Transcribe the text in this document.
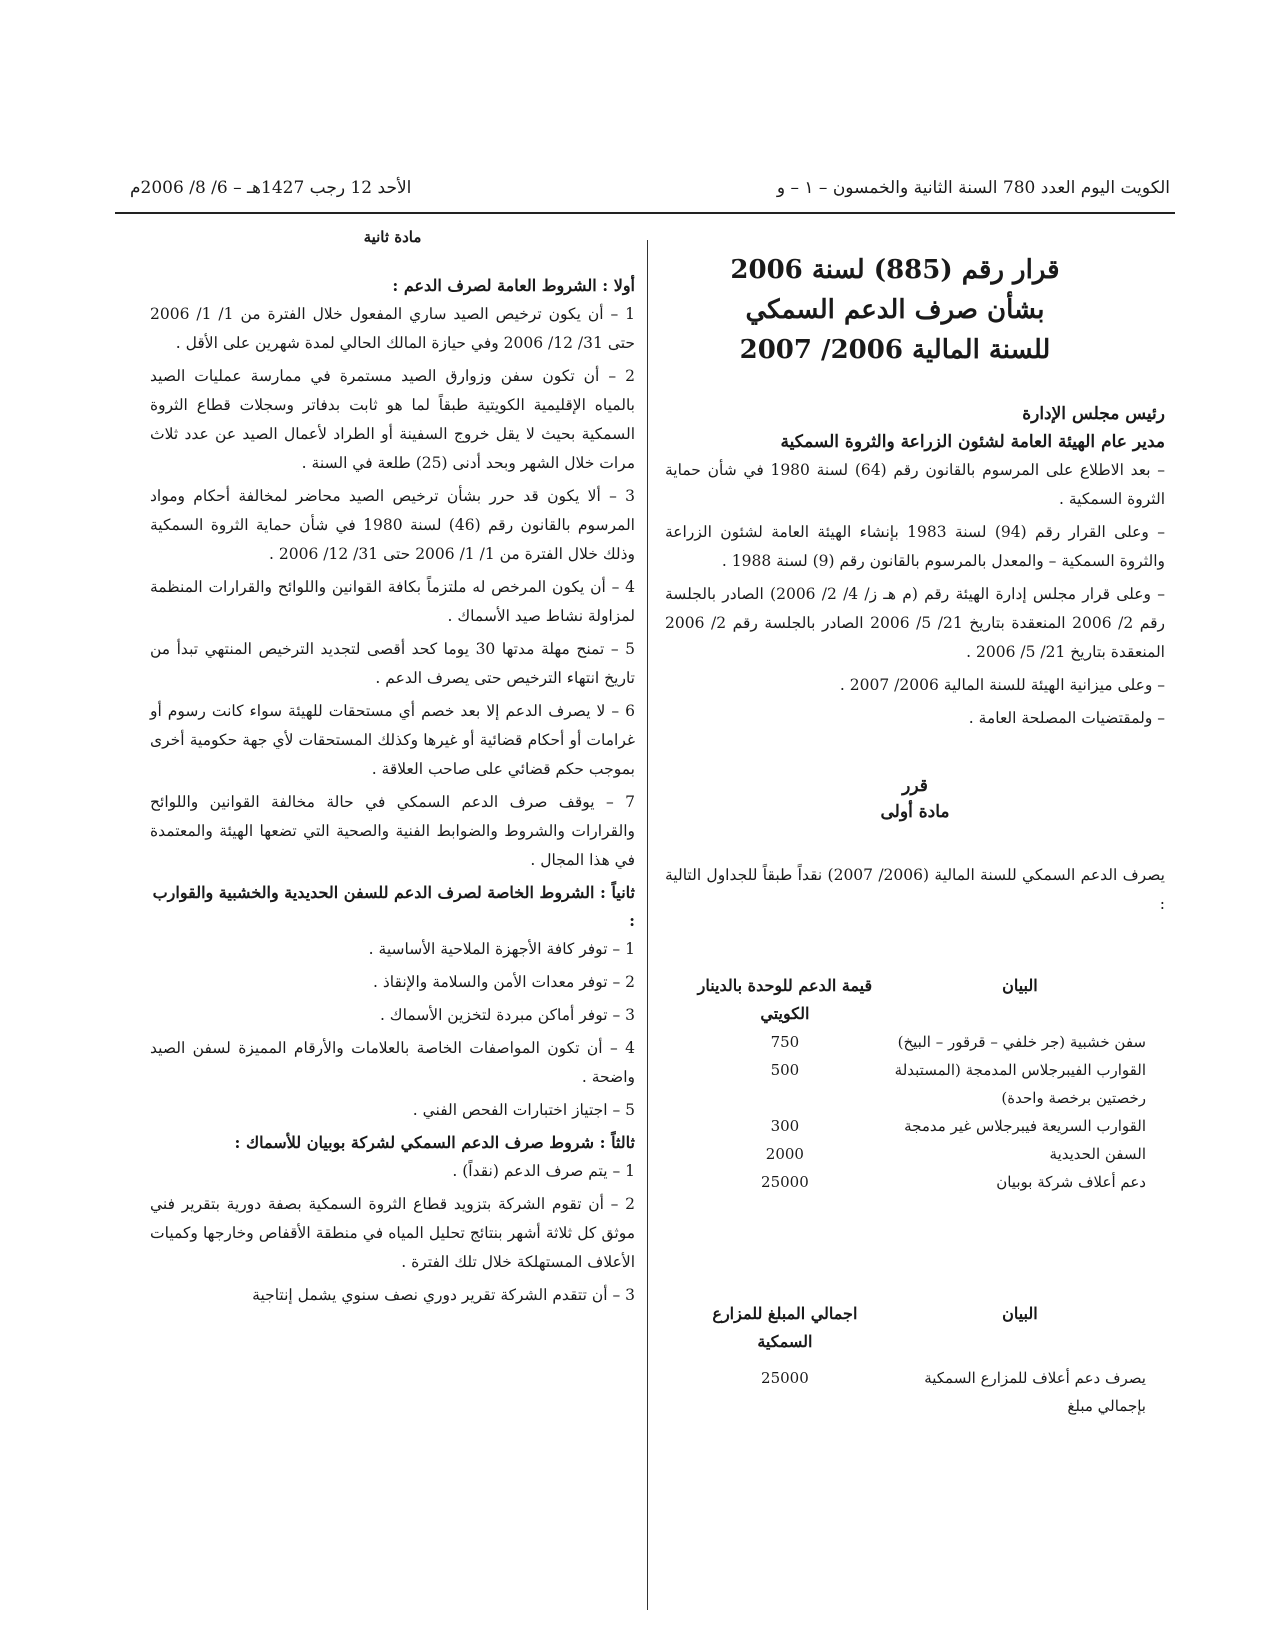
الكويت اليوم العدد 780 السنة الثانية والخمسون – ١ – و
الأحد 12 رجب 1427هـ – 6/ 8/ 2006م
قرار رقم (885) لسنة 2006
بشأن صرف الدعم السمكي
للسنة المالية 2006/ 2007
رئيس مجلس الإدارة
مدير عام الهيئة العامة لشئون الزراعة والثروة السمكية

– بعد الاطلاع على المرسوم بالقانون رقم (64) لسنة 1980 في شأن حماية الثروة السمكية .

– وعلى القرار رقم (94) لسنة 1983 بإنشاء الهيئة العامة لشئون الزراعة والثروة السمكية – والمعدل بالمرسوم بالقانون رقم (9) لسنة 1988 .

– وعلى قرار مجلس إدارة الهيئة رقم (م هـ ز/ 4/ 2/ 2006) الصادر بالجلسة رقم 2/ 2006 المنعقدة بتاريخ 21/ 5/ 2006 الصادر بالجلسة رقم 2/ 2006 المنعقدة بتاريخ 21/ 5/ 2006 .

– وعلى ميزانية الهيئة للسنة المالية 2006/ 2007 .

– ولمقتضيات المصلحة العامة .

قرر
مادة أولى

يصرف الدعم السمكي للسنة المالية (2006/ 2007) نقداً طبقاً للجداول التالية :

البيان	قيمة الدعم للوحدة بالدينار الكويتي
سفن خشبية (جر خلفي – قرقور – البيخ)	750
القوارب الفيبرجلاس المدمجة (المستبدلة رخصتين برخصة واحدة)	500
القوارب السريعة فيبرجلاس غير مدمجة	300
السفن الحديدية	2000
دعم أعلاف شركة بوبيان	25000
البيان	اجمالي المبلغ للمزارع السمكية
يصرف دعم أعلاف للمزارع السمكية بإجمالي مبلغ	25000
مادة ثانية
أولا : الشروط العامة لصرف الدعم :

1 – أن يكون ترخيص الصيد ساري المفعول خلال الفترة من 1/ 1/ 2006 حتى 31/ 12/ 2006 وفي حيازة المالك الحالي لمدة شهرين على الأقل .

2 – أن تكون سفن وزوارق الصيد مستمرة في ممارسة عمليات الصيد بالمياه الإقليمية الكويتية طبقاً لما هو ثابت بدفاتر وسجلات قطاع الثروة السمكية بحيث لا يقل خروج السفينة أو الطراد لأعمال الصيد عن عدد ثلاث مرات خلال الشهر وبحد أدنى (25) طلعة في السنة .

3 – ألا يكون قد حرر بشأن ترخيص الصيد محاضر لمخالفة أحكام ومواد المرسوم بالقانون رقم (46) لسنة 1980 في شأن حماية الثروة السمكية وذلك خلال الفترة من 1/ 1/ 2006 حتى 31/ 12/ 2006 .

4 – أن يكون المرخص له ملتزماً بكافة القوانين واللوائح والقرارات المنظمة لمزاولة نشاط صيد الأسماك .

5 – تمنح مهلة مدتها 30 يوما كحد أقصى لتجديد الترخيص المنتهي تبدأ من تاريخ انتهاء الترخيص حتى يصرف الدعم .

6 – لا يصرف الدعم إلا بعد خصم أي مستحقات للهيئة سواء كانت رسوم أو غرامات أو أحكام قضائية أو غيرها وكذلك المستحقات لأي جهة حكومية أخرى بموجب حكم قضائي على صاحب العلاقة .

7 – يوقف صرف الدعم السمكي في حالة مخالفة القوانين واللوائح والقرارات والشروط والضوابط الفنية والصحية التي تضعها الهيئة والمعتمدة في هذا المجال .

ثانياً : الشروط الخاصة لصرف الدعم للسفن الحديدية والخشبية والقوارب :

1 – توفر كافة الأجهزة الملاحية الأساسية .

2 – توفر معدات الأمن والسلامة والإنقاذ .

3 – توفر أماكن مبردة لتخزين الأسماك .

4 – أن تكون المواصفات الخاصة بالعلامات والأرقام المميزة لسفن الصيد واضحة .

5 – اجتياز اختبارات الفحص الفني .

ثالثاً : شروط صرف الدعم السمكي لشركة بوبيان للأسماك :

1 – يتم صرف الدعم (نقداً) .

2 – أن تقوم الشركة بتزويد قطاع الثروة السمكية بصفة دورية بتقرير فني موثق كل ثلاثة أشهر بنتائج تحليل المياه في منطقة الأقفاص وخارجها وكميات الأعلاف المستهلكة خلال تلك الفترة .

3 – أن تتقدم الشركة تقرير دوري نصف سنوي يشمل إنتاجية
